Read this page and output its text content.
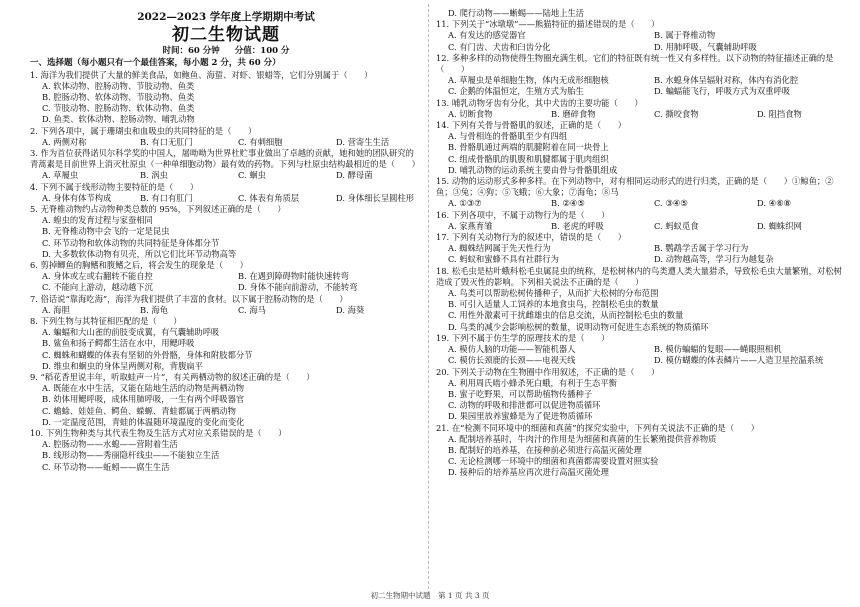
2022—2023 学年度上学期期中考试
初二生物试题
时间：60 分钟 分值：100 分
一、选择题（每小题只有一个最佳答案，每小题 2 分，共 60 分）
1. 海洋为我们提供了大量的鲜美食品，如鲍鱼、海蜇、对虾、银蜡等，它们分别属于（　　）
A. 软体动物、腔肠动物、节肢动物、鱼类
B. 腔肠动物、软体动物、节肢动物、鱼类
C. 节肢动物、腔肠动物、软体动物、鱼类
D. 鱼类、软体动物、腔肠动物、哺乳动物
2. 下列各项中，属于珊瑚虫和血吸虫的共同特征的是（　　）
A. 两侧对称	B. 有口无肛门	C. 有刺细胞	D. 营寄生生活
3. 作为首位获得诺贝尔科学奖的中国人，屠呦呦为世界杜贮事业做出了卓越的贡献，她和她的团队研究的青蒿素是目前世界上消灭杜原虫（一种单细胞动物）最有效的药物。下列与杜原虫结构最相近的是（　　）
A. 草履虫	B. 涡虫	C. 蛔虫	D. 酵母菌
4. 下列不属于线形动物主要特征的是（　　）
A. 身体有体节构成	B. 有口有肛门	C. 体表有角质层	D. 身体细长呈圆柱形
5. 无脊椎动物约占动物种类总数的 95%，下列叙述正确的是（　　）
A. 蝗虫的发育过程与家蚕相同
B. 无脊椎动物中会飞的一定是昆虫
C. 环节动物和软体动物的共同特征是身体都分节
D. 大多数软体动物有贝壳，所以它们比环节动物高等
6. 剪掉鲫鱼的胸鳍和腹鳍之后，将会发生的现象是（　　）
A. 身体或左或右翻转不能自控	B. 在遇到障碍物时能快速转弯
C. 不能向上游动，越动越下沉	D. 身体不能向前游动，不能转弯
7. 俗话说“靠海吃海”，海洋为我们提供了丰富的食材。以下属于腔肠动物的是（　　）
A. 海胆	B. 海龟	C. 海马	D. 海葵
8. 下列生物与其特征相匹配的是（　　）
A. 蝙蝠和大山雀的前肢变成翼，有气囊辅助呼吸
B. 鲨鱼和扬子鳄都生活在水中，用鳃呼吸
C. 蜘蛛和蝴蝶的体表有坚韧的外骨骼，身体和附肢都分节
D. 维虫和蛔虫的身体呈两侧对称，背腹扁平
9. “稻花香里说丰年，听取蛙声一片”，有关两栖动物的叙述正确的是（　　）
A. 既能在水中生活，又能在陆地生活的动物是两栖动物
B. 幼体用鳃呼吸，成体用肺呼吸，一生有两个呼吸器官
C. 蟾蜍、娃娃鱼、鳄鱼、蝾螈、青蛙都属于两栖动物
D. 一定温度范围，青蛙的体温随环境温度的变化而变化
10. 下列生物种类与其代表生物及生活方式对应关系错误的是（　　）
A. 腔肠动物——水螅——营附着生活
B. 线形动物——秀丽隐杆线虫——不能独立生活
C. 环节动物——蚯蚓——腐生生活
D. 爬行动物——蜥蜴——陆地上生活
11. 下列关于“冰墩墩”——熊猫特征的描述错误的是（　　）
A. 有发达的感觉器官	B. 属于脊椎动物
C. 有门齿、犬齿和臼齿分化	D. 用肺呼吸，气囊辅助呼吸
12. 多种多样的动物使得生物圈充满生机，它们的特征既有统一性又有多样性。以下动物的特征描述正确的是（　　）
A. 草履虫是单细胞生物，体内无成形细胞核	B. 水螅身体呈辐射对称，体内有消化腔
C. 企鹅的体温恒定，生殖方式为胎生	D. 蝙蝠能飞行，呼吸方式为双重呼吸
13. 哺乳动物牙齿有分化，其中犬齿的主要功能（　　）
A. 切断食物	B. 磨碎食物	C. 撕咬食物	D. 阻挡食物
14. 下列有关骨与骨骼肌的叙述，正确的是（　　）
A. 与骨相连的骨骼肌至少有四组
B. 骨骼肌通过两端的肌腱附着在同一块骨上
C. 组成骨骼肌的肌腹和肌腱都属于肌肉组织
D. 哺乳动物的运动系统主要由骨与骨骼肌组成
15. 动物的运动形式多种多样。在下列动物中，对有相同运动形式的进行归类，正确的是（　　）①鲸鱼；②鱼；③兔；④狗；⑤飞蛾；⑥大象；⑦海龟；⑧马
A. ①③⑦	B. ②④⑤	C. ③④⑤	D. ④⑥⑧
16. 下列各项中，不属于动物行为的是（　　）
A. 家燕育雏	B. 老虎的呼吸	C. 蚂蚁觅食	D. 蜘蛛织网
17. 下列有关动物行为的叙述中，错误的是（　　）
A. 蜘蛛结网属于先天性行为	B. 鹦鹉学舌属于学习行为
C. 蚂蚁和蜜蜂不具有社群行为	D. 动物越高等，学习行为越复杂
18. 松毛虫是枯叶蛾科松毛虫属昆虫的统称，是松树林内的鸟类遭人类大量猎杀，导致松毛虫大量繁殖，对松树造成了毁灭性的影响。下列相关说法不正确的是（　　）
A. 鸟类可以帮助松树传播种子，从而扩大松树的分布范围
B. 可引入适量人工饲养的本地食虫鸟，控制松毛虫的数量
C. 用性外激素可干扰雌雄虫的信息交流，从而控制松毛虫的数量
D. 鸟类的减少会影响松树的数量，说明动物可促进生态系统的物质循环
19. 下列不属于仿生学的原理技术的是（　　）
A. 模仿人脑的功能——智能机器人	B. 模仿蝙蝠的复眼——蝇眼照相机
C. 模仿长颈鹿的长颈——电视天线	D. 模仿蝴蝶的体表鳞片——人造卫星控温系统
20. 下列关于动物在生物圈中作用叙述，不正确的是（　　）
A. 利用周氏啮小蜂杀死白蛾，有利于生态平衡
B. 蜜子吃野果，可以帮助植物传播种子
C. 动物的呼吸和排泄都可以促进物质循环
D. 果园里放养蜜蜂是为了促进物质循环
21. 在“检测不同环境中的细菌和真菌”的探究实验中，下列有关说法不正确的是（　　）
A. 配制培养基时，牛肉汁的作用是为细菌和真菌的生长繁殖提供营养物质
B. 配制好的培养基，在接种前必须进行高温灭菌处理
C. 无论检测哪一环境中的细菌和真菌都需要设置对照实验
D. 接种后的培养基应再次进行高温灭菌处理
初二生物期中试题　第 1 页 共 3 页
